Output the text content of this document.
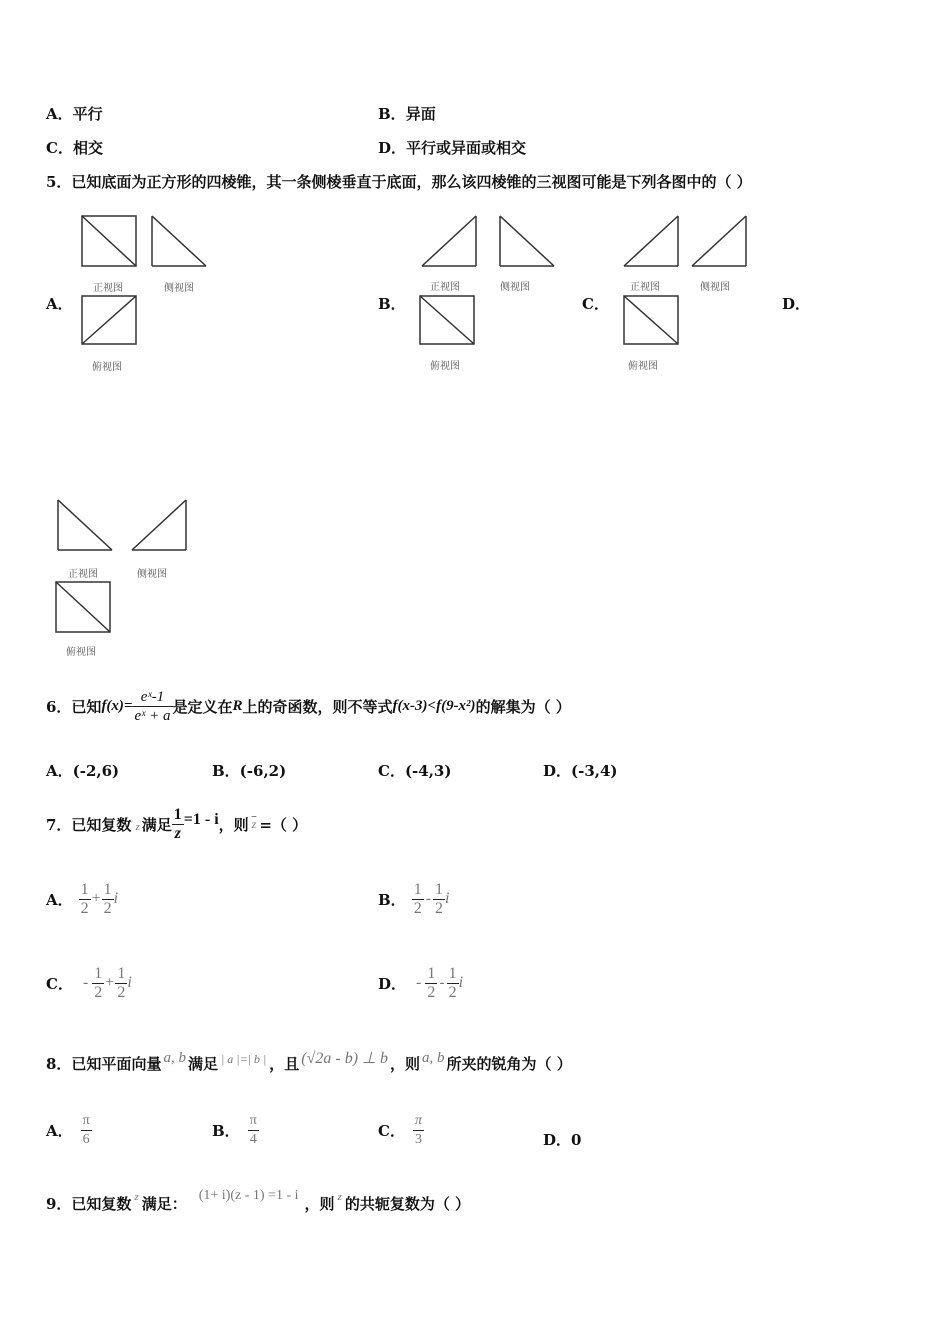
A．平行	B．异面
C．相交	D．平行或异面或相交
5．已知底面为正方形的四棱锥，其一条侧棱垂直于底面，那么该四棱锥的三视图可能是下列各图中的（ ）
A．
正视图	侧视图
俯视图
B．
正视图	侧视图
俯视图
C．
正视图	侧视图
俯视图
D．
正视图	侧视图
俯视图
6．已知 $f(x)= \frac{\text{eˣ-1}}{\text{eˣ + a}}$ 是定义在 R 上的奇函数，则不等式 f(x-3)<f(9-x²) 的解集为（ ）
A．(-2,6)	B．(-6,2)	C．(-4,3)	D．(-3,4)
7．已知复数 z 满足 $\frac{1}{z} =1 - i$ ，则 $\overline{z}$ =（ ）
A． $\frac{1}{2} + \frac{1}{2}$ i	B． $\frac{1}{2} - \frac{1}{2}$ i
C． - $\frac{1}{2} + \frac{1}{2}$ i	D． - $\frac{1}{2} - \frac{1}{2}$ i
8．已知平面向量 a, b 满足 | a |=| b | ，且 (√2a - b) ⊥ b ，则 a, b 所夹的锐角为（ ）
A． $\frac{\pi}{6}$	B． $\frac{\pi}{4}$	C． $\frac{\pi}{3}$	D．0
9．已知复数 z 满足： (1+ i)(z - 1) =1 - i ，则 z 的共轭复数为（ ）
